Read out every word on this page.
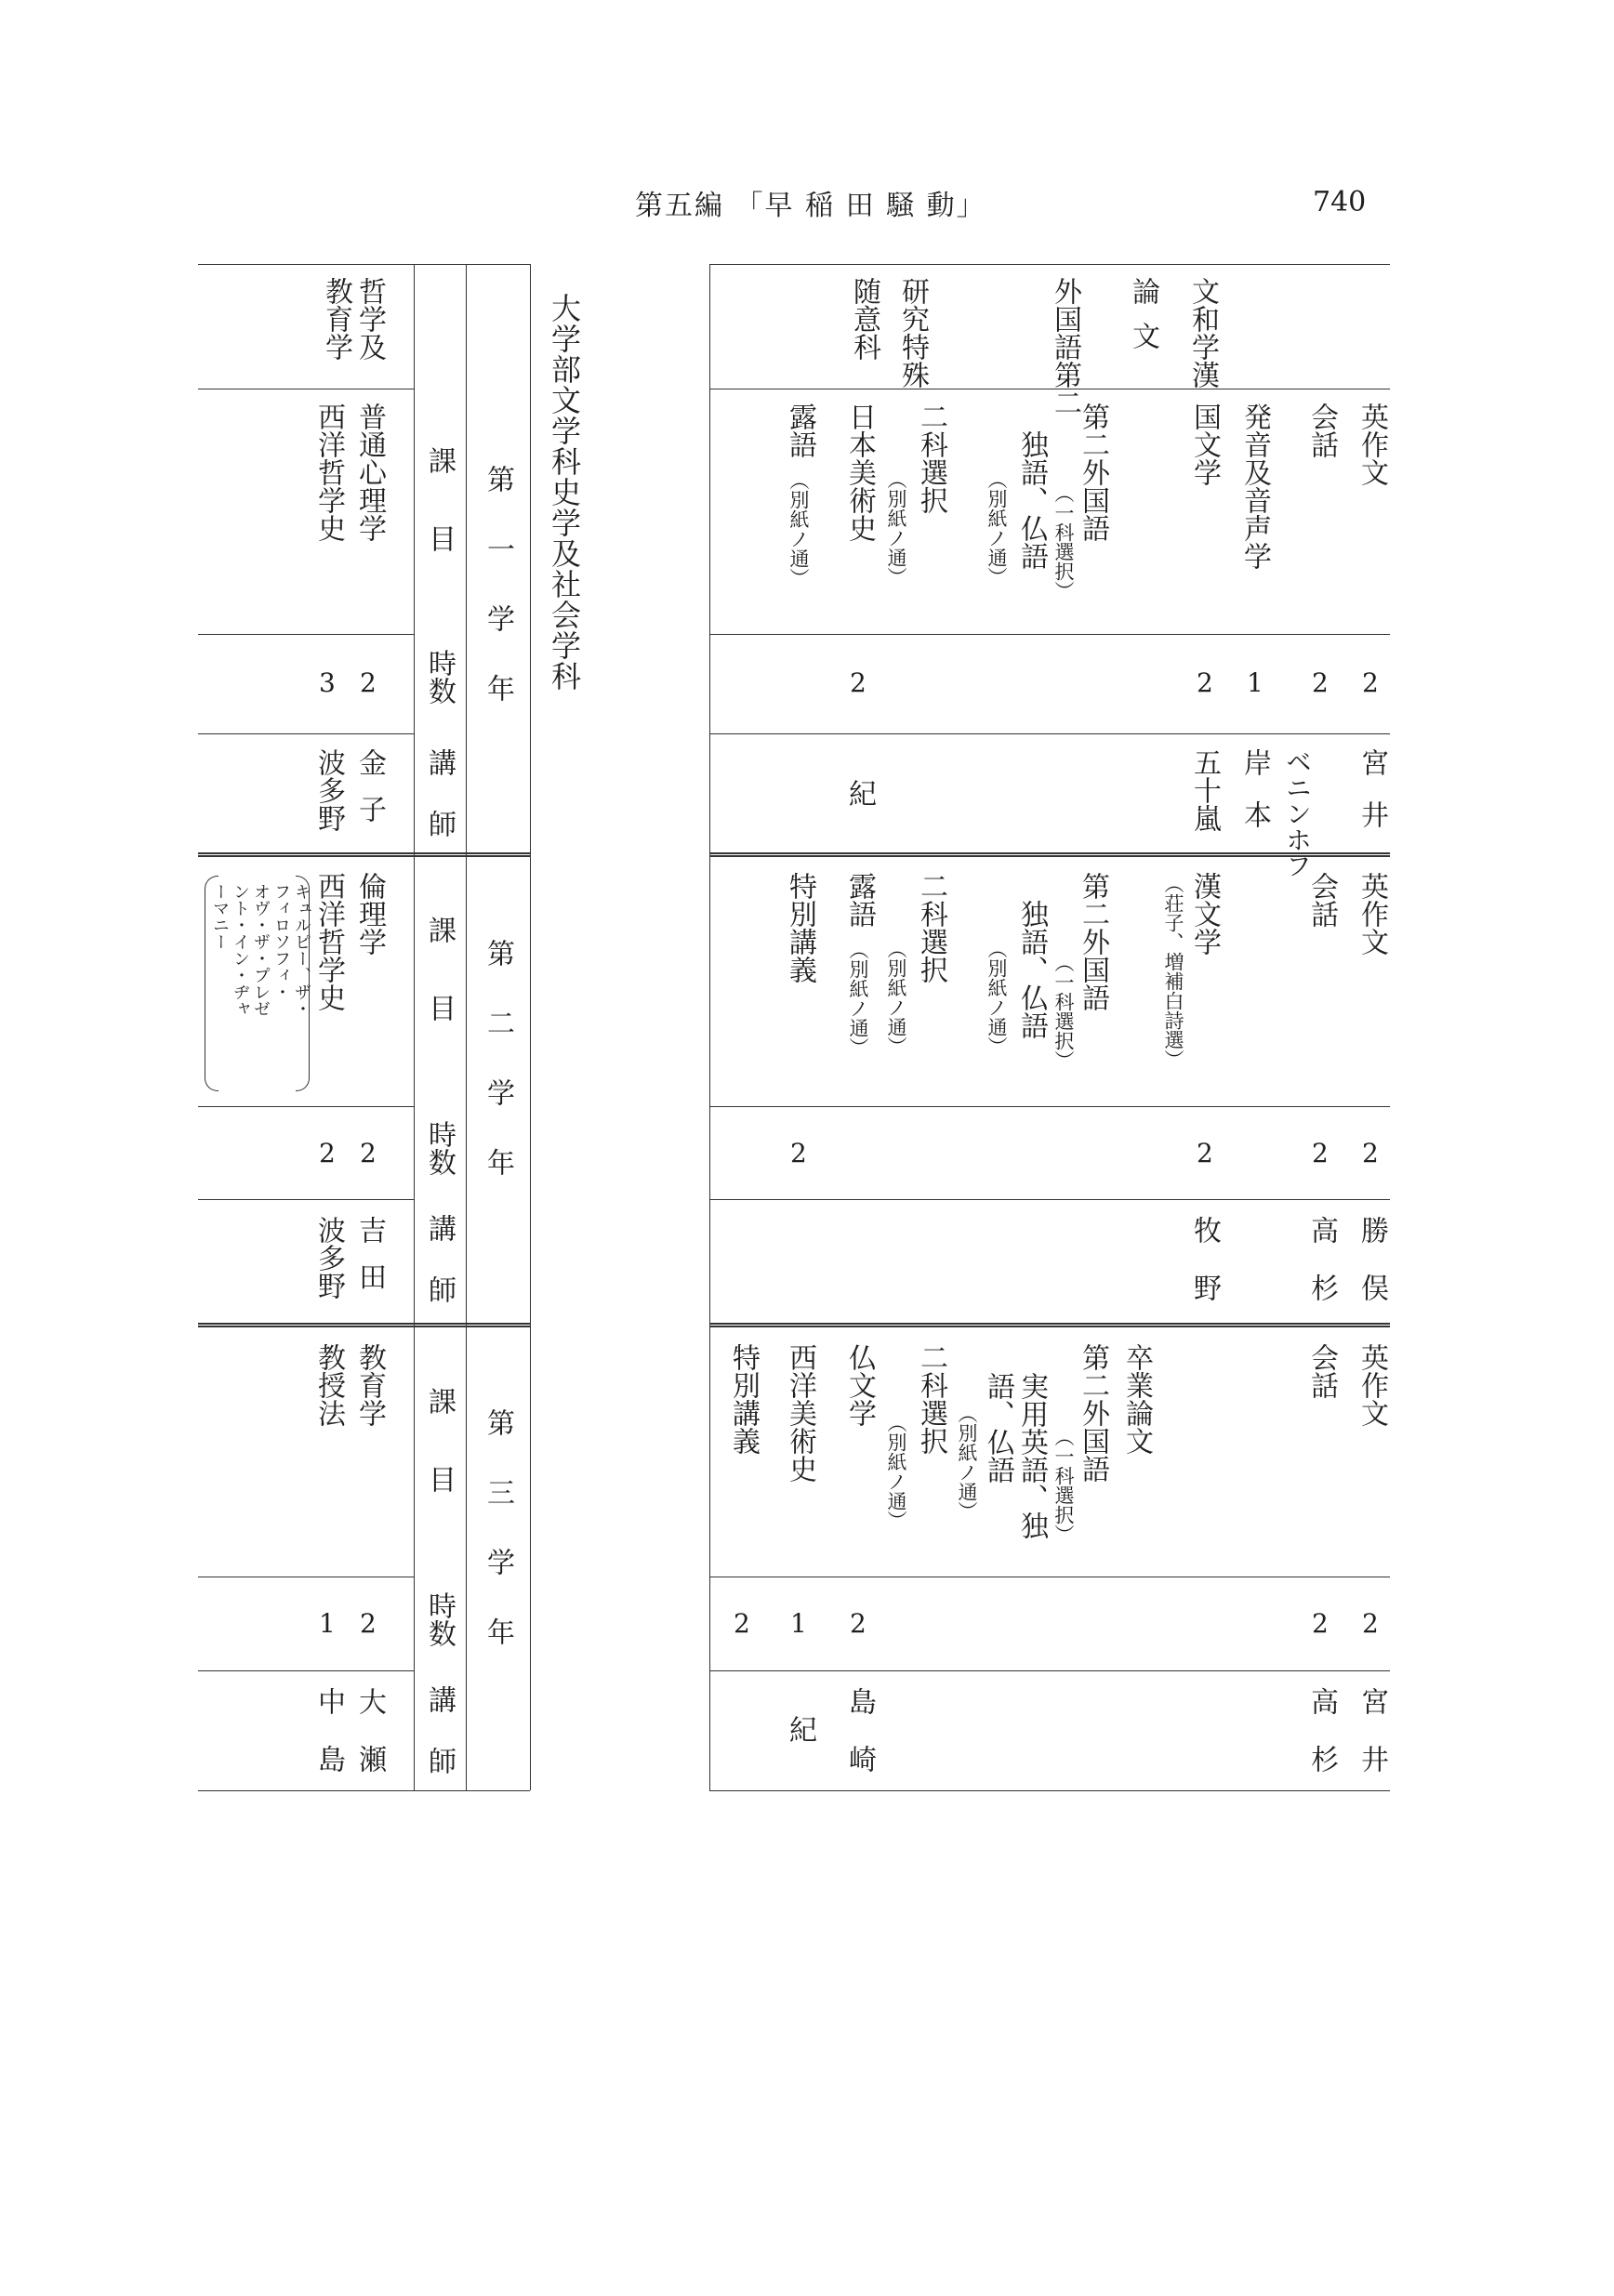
第五編 「早 稲 田 騒 動」	740
文和学漢
論文
外国語第二
研究特殊
随意科
英作文
会話
発音及音声学
国文学
第二外国語
独語、仏語 （一科選択）
（別紙ノ通）
二科選択
（別紙ノ通）
日本美術史
露語
（別紙ノ通）
2
2
1
2
2
宮井
ベニンホフ
岸本
五十嵐
紀
英作文
会話
漢文学
（荘子、増補白詩選）
第二外国語
独語、仏語 （一科選択）
（別紙ノ通）
二科選択
（別紙ノ通）
露語
（別紙ノ通）
特別講義
2
2
2
2
勝俣
高杉
牧野
英作文
会話
卒業論文
第二外国語
（一科選択）
実用英語、独
語、仏語
（別紙ノ通）
二科選択
（別紙ノ通）
仏文学
西洋美術史
特別講義
2
2
2
1
2
宮井
高杉
島崎
紀
大学部文学科史学及社会学科
哲学及
教育学
第一学年
第二学年
第三学年
課目
時数
講師
普通心理学
西洋哲学史
2
3
金子
波多野
課目
時数
講師
倫理学
西洋哲学史
キュルピー、ザ・
フィロソフィ・
オヴ・ザ・プレゼ
ント・イン・ヂャ
ーマニー
2
2
吉田
波多野
課目
時数
講師
教育学
教授法
2
1
大瀬
中島
